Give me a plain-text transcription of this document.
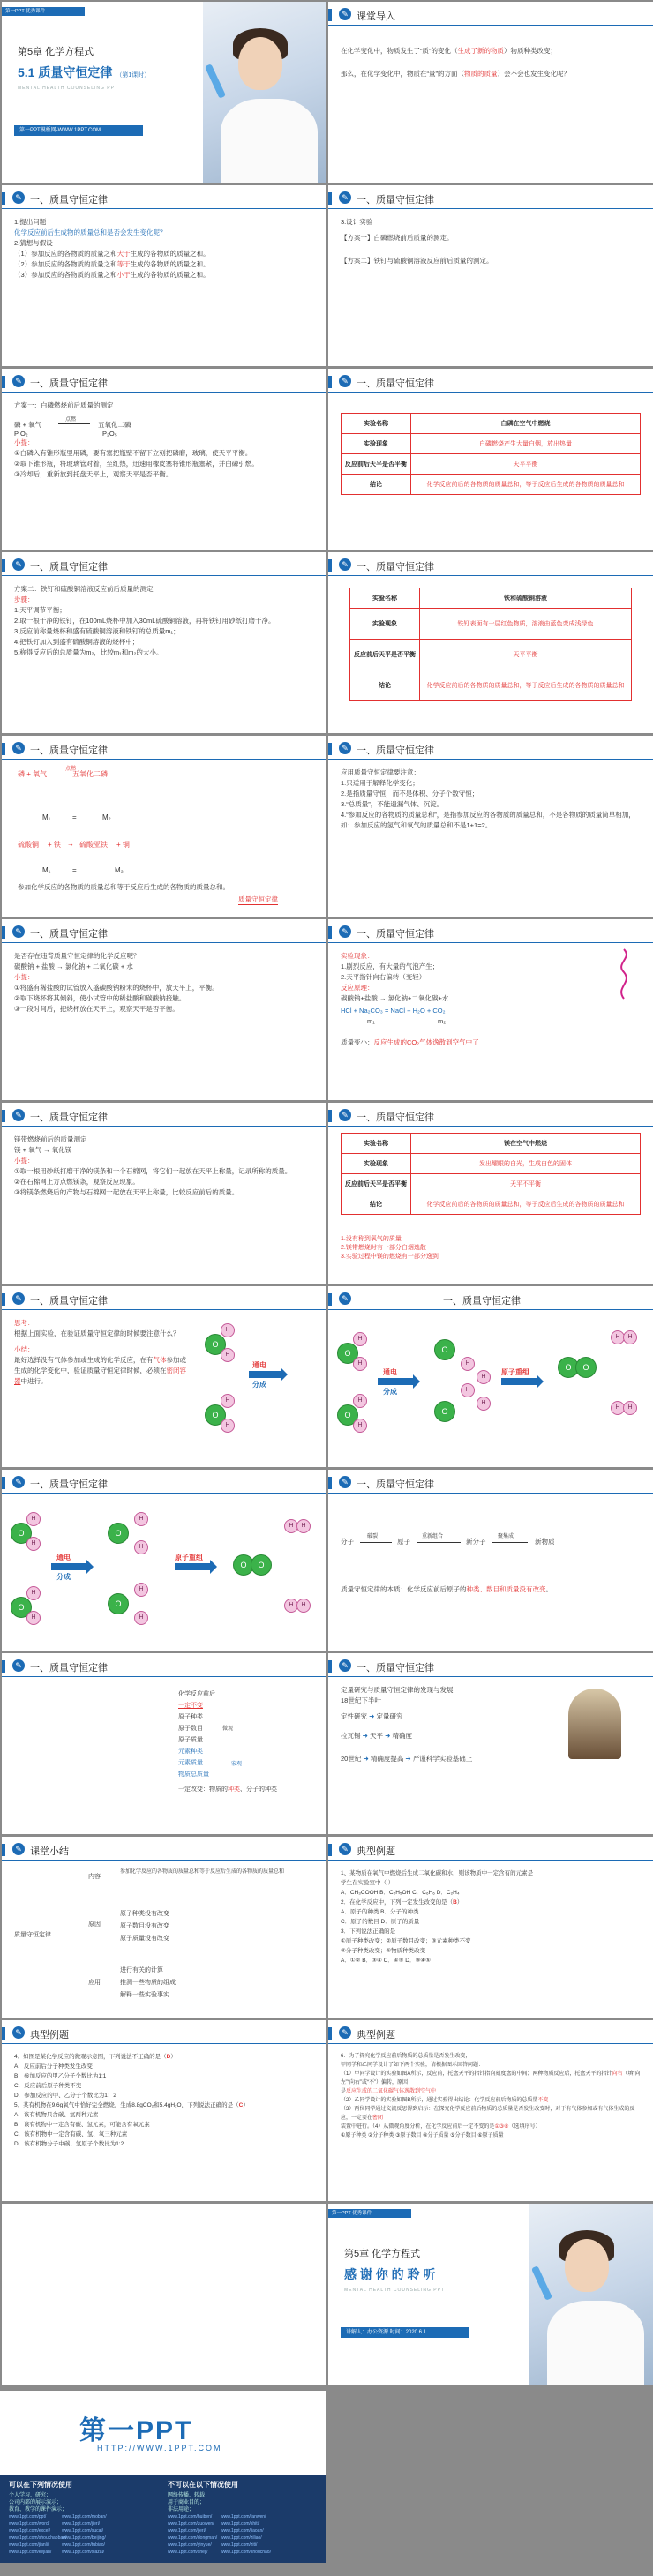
第一PPT 优秀课件
第5章 化学方程式
5.1 质量守恒定律 （第1课时）
MENTAL HEALTH COUNSELING PPT
第一PPT模板网-WWW.1PPT.COM
✎ 课堂导入
在化学变化中，物质发生了“质”的变化（生成了新的物质）物质种类改变；
那么，在化学变化中，物质在“量”的方面（物质的质量）会不会也发生变化呢？
✎ 一、质量守恒定律
1.提出问题
化学反应前后生成物的质量总和是否会发生变化呢？
2.猜想与假设
（1）参加反应的各物质的质量之和大于生成的各物质的质量之和。
（2）参加反应的各物质的质量之和等于生成的各物质的质量之和。
（3）参加反应的各物质的质量之和小于生成的各物质的质量之和。
✎ 一、质量守恒定律
3.设计实验
【方案一】白磷燃烧前后质量的测定。
【方案二】铁钉与硫酸铜溶液反应前后质量的测定。
✎ 一、质量守恒定律
方案一：白磷燃烧前后质量的测定
磷 + 氧气
点燃
五氧化二磷
P O₂	P₂O₅
小提：
①白磷入有锥形瓶里用磷，要有塞把瓶壁不留下立刻把磷磨，玻璃，使天平平衡。
②取下锥形瓶，将玻璃管对着，至红热，迅速用橡皮塞将锥形瓶塞紧，并白磷引燃。
③冷却后，重新放到托盘天平上，观察天平是否平衡。
✎ 一、质量守恒定律
实验名称	白磷在空气中燃烧
实验现象	白磷燃烧产生大量白烟，放出热量
反应前后天平是否平衡	天平平衡
结论	化学反应前后的各物质的质量总和，等于反应后生成的各物质的质量总和
✎ 一、质量守恒定律
方案二：铁钉和硫酸铜溶液反应前后质量的测定
步骤：
1.天平调节平衡；
2.取一根干净的铁钉，在100mL烧杯中加入30mL硫酸铜溶液，再将铁钉用砂纸打磨干净。
3.反应前称量烧杯和盛有硫酸铜溶液和铁钉的总质量m₁；
4.把铁钉加入到盛有硫酸铜溶液的烧杯中；
5.称得反应后的总质量为m₂，比较m₁和m₂的大小。
✎ 一、质量守恒定律
实验名称	铁和硫酸铜溶液
实验现象	铁钉表面有一层红色物质，溶液由蓝色变成浅绿色
反应前后天平是否平衡	天平平衡
结论	化学反应前后的各物质的质量总和，等于反应后生成的各物质的质量总和
✎ 一、质量守恒定律
磷 + 氧气
点燃
五氧化二磷
M₁	M₂
=
硫酸铜 + 铁 → 硫酸亚铁 + 铜
M₁	=	M₂
参加化学反应的各物质的质量总和等于反应后生成的各物质的质量总和。
质量守恒定律
✎ 一、质量守恒定律
应用质量守恒定律要注意：
1.只适用于解释化学变化；
2.是指质量守恒，而不是体积、分子个数守恒；
3.“总质量”，不能遗漏气体、沉淀。
4.“参加反应的各物质的质量总和”，是指参加反应的各物质的质量总和，不是各物质的质量简单相加，如：参加反应的氢气和氧气的质量总和不是1+1=2。
✎ 一、质量守恒定律
是否存在违背质量守恒定律的化学反应呢？
碳酸钠 + 盐酸 → 氯化钠 + 二氧化碳 + 水
小提：
①将盛有稀盐酸的试管放入盛碳酸钠粉末的烧杯中，放天平上，平衡。
②取下烧杯将其倾斜，使小试管中的稀盐酸和碳酸钠接触。
③一段时间后，把烧杯放在天平上，观察天平是否平衡。
✎ 一、质量守恒定律
实验现象：
1.剧烈反应，有大量的气泡产生；
2.天平指针向右偏转（变轻）
反应原理：
碳酸钠+盐酸 → 氯化钠+二氧化碳+水
HCl + Na₂CO₃ = NaCl + H₂O + CO₂
m₁	m₂
质量变小：反应生成的CO₂气体逸散到空气中了
✎ 一、质量守恒定律
镁带燃烧前后的质量测定
镁 + 氧气 → 氧化镁
小提：
①取一根用砂纸打磨干净的镁条和一个石棉网，将它们一起放在天平上称量，记录所称的质量。
②在石棉网上方点燃镁条，观察反应现象。
③将镁条燃烧后的产物与石棉网一起放在天平上称量，比较反应前后的质量。
✎ 一、质量守恒定律
实验名称	镁在空气中燃烧
实验现象	发出耀眼的白光，生成白色的固体
反应前后天平是否平衡	天平不平衡
结论	化学反应前后的各物质的质量总和，等于反应后生成的各物质的质量总和
1.没有称到氧气的质量
2.镁带燃烧时有一部分白烟逸散
3.实验过程中镁的燃烧有一部分逸到
✎ 一、质量守恒定律
思考：
根据上面实验，在验证质量守恒定律的时候要注意什么？
小结：
最好选择没有气体参加或生成的化学反应，在有气体参加或生成的化学变化中，验证质量守恒定律时候，必须在密闭容器中进行。
O
H
H
O
H
H
通电
分成
✎	一、质量守恒定律
O
H
H
O
H
H
通电
分成
O
O
H
H
H
H
原子重组
O	O
H	H
H	H
✎ 一、质量守恒定律
O
H
H
O
H
H
通电
分成
O
O
H
H
H
H
原子重组
O	O
H	H
H	H
✎ 一、质量守恒定律
分子
破裂
原子
重新组合
新分子
聚集成
新物质
质量守恒定律的本质：化学反应前后原子的种类、数目和质量没有改变。
✎ 一、质量守恒定律
化学反应前后
一定不变
原子种类
原子数目
原子质量
元素种类
元素质量
物质总质量
一定改变：物质的种类、分子的种类
微观
宏观
✎ 一、质量守恒定律
定量研究与质量守恒定律的发现与发展
18世纪下半叶
定性研究 ➜ 定量研究
拉瓦锡 ➜ 天平 ➜ 精确度
20世纪 ➜ 精确度提高 ➜ 严谨科学实验基础上
✎ 课堂小结
质量守恒定律
内容
参加化学反应的各物质的质量总和等于反应后生成的各物质的质量总和
原因
原子种类没有改变
原子数目没有改变
原子质量没有改变
应用
进行有关的计算
推测一些物质的组成
解释一些实验事实
✎ 典型例题
1、某物质在氧气中燃烧后生成二氧化碳和水，则该物质中一定含有的元素是
学生在实验室中（ ）
A．CH₃COOH B．C₂H₅OH C．C₆H₆ D．C₂H₄
2．在化学反应中，下列一定发生改变的是（B）
A．原子的种类 B．分子的种类
C．原子的数目 D．原子的质量
3．下列说法正确的是
①原子种类改变；②原子数目改变；③元素种类不变
④分子种类改变；⑤物质种类改变
A．①② B．③④ C．④⑤ D．③④⑤
✎ 典型例题
4．如图是某化学反应的微观示意图，下列说法不正确的是（D）
A．反应前后分子种类发生改变
B．参加反应的甲乙分子个数比为1:1
C．反应前后原子种类不变
D．参加反应的甲、乙分子个数比为1：2
5．某有机物在9.6g氧气中恰好完全燃烧，生成8.8gCO₂和5.4gH₂O，下列说法正确的是（C）
A．该有机物只含碳、氢两种元素
B．该有机物中一定含有碳、氢元素，可能含有氧元素
C．该有机物中一定含有碳、氢、氧三种元素
D．该有机物分子中碳、氢原子个数比为1:2
✎ 典型例题
6．为了探究化学反应前后物质的总质量是否发生改变，
甲同学和乙同学设计了如下两个实验，请根据图示回答问题：
（1）甲同学设计的实验如图A所示，反应前，托盘天平的指针指向刻度盘的中间；两种物质反应后，托盘天平的指针向右（填“向左”“向右”或“不”）偏转，原因
是反应生成的二氧化碳气体逸散到空气中
（2）乙同学设计的实验如图B所示，通过实验得出结论：化学反应前后物质的总质量不变
（3）两位同学通过交流反思得到启示：在探究化学反应前后物质的总质量是否发生改变时，对于有气体参加或有气体生成的反应，一定要在密闭
装置中进行。（4）从微观角度分析，在化学反应前后一定不变的是①③⑥（选填序号）
①原子种类 ②分子种类 ③原子数目 ④分子质量 ⑤分子数目 ⑥原子质量
第一PPT 优秀课件
第5章 化学方程式
感 谢 你 的 聆 听
MENTAL HEALTH COUNSELING PPT
讲解人：办公资源 时间：2020.6.1
第一PPT
HTTP://WWW.1PPT.COM
可以在下列情况使用
个人学习、研究；
公司内部的展示演示；
教育、教学的课件演示；
www.1ppt.com/moban/
www.1ppt.com/jieri/
www.1ppt.com/sucai/
www.1ppt.com/beijing/
www.1ppt.com/tubiao/
www.1ppt.com/xiazai/
www.1ppt.com/ppt/
www.1ppt.com/word/
www.1ppt.com/excel/
www.1ppt.com/shouchaobao/
www.1ppt.com/jianli/
www.1ppt.com/kejian/
不可以在以下情况使用
网络传播、转载；
用于商业目的；
非法用途；
www.1ppt.com/fanwen/
www.1ppt.com/shiti/
www.1ppt.com/jiaoan/
www.1ppt.com/ziliao/
www.1ppt.com/ziti/
www.1ppt.com/shouchao/
www.1ppt.com/huiben/
www.1ppt.com/zuowen/
www.1ppt.com/jieri/
www.1ppt.com/dongman/
www.1ppt.com/yinyue/
www.1ppt.com/sheji/
